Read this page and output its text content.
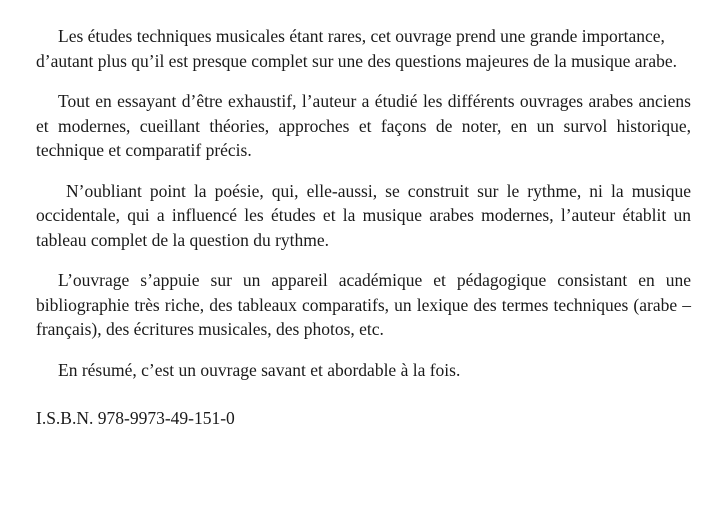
Les études techniques musicales étant rares, cet ouvrage prend une grande importance, d’autant plus qu’il est presque complet sur une des questions majeures de la musique arabe.

Tout en essayant d’être exhaustif, l’auteur a étudié les différents ouvrages arabes anciens et modernes, cueillant théories, approches et façons de noter, en un survol historique, technique et comparatif précis.

N’oubliant point la poésie, qui, elle-aussi, se construit sur le rythme, ni la musique occidentale, qui a influencé les études et la musique arabes modernes, l’auteur établit un tableau complet de la question du rythme.

L’ouvrage s’appuie sur un appareil académique et pédagogique consistant en une bibliographie très riche, des tableaux comparatifs, un lexique des termes techniques (arabe – français), des écritures musicales, des photos, etc.

En résumé, c’est un ouvrage savant et abordable à la fois.

I.S.B.N. 978-9973-49-151-0
